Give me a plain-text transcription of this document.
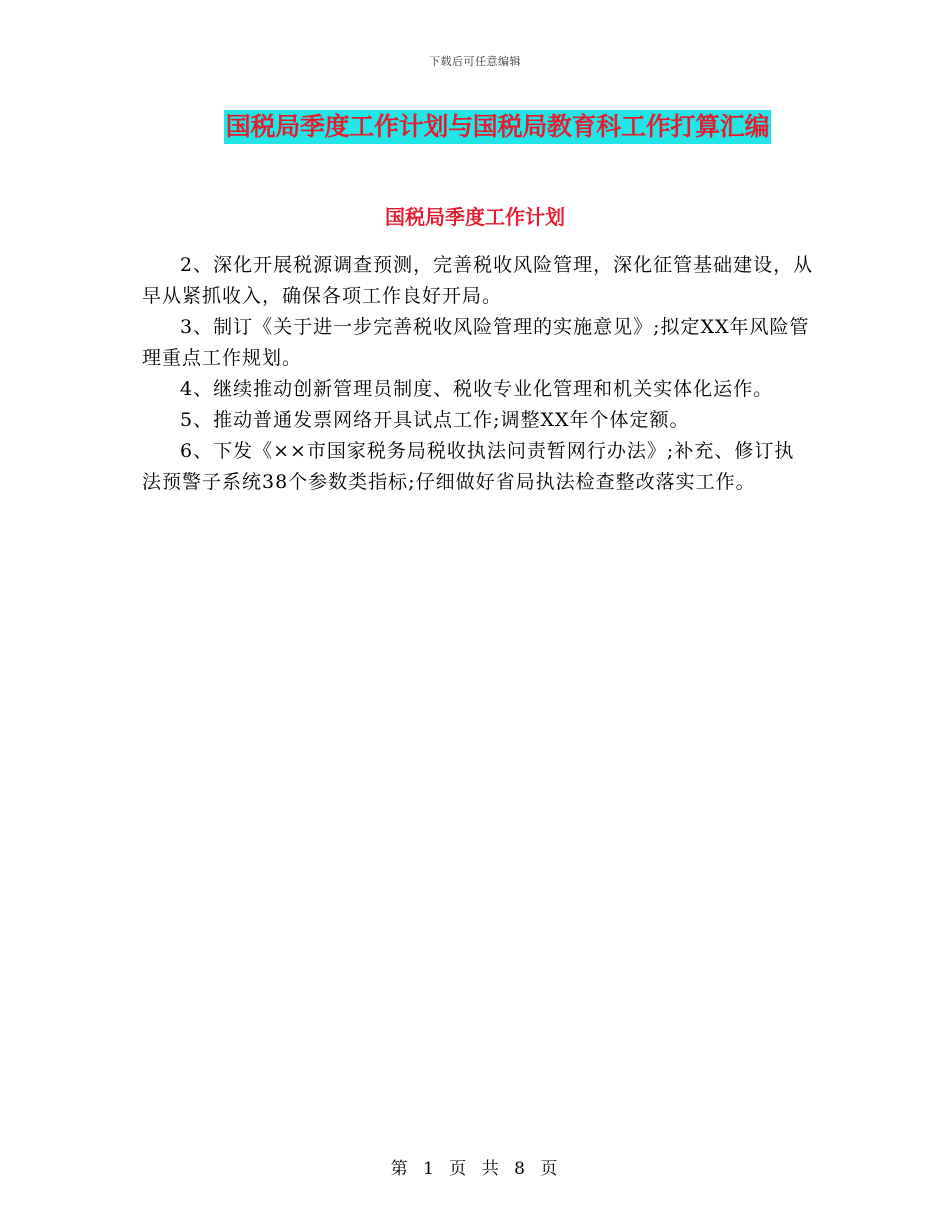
下载后可任意编辑
国税局季度工作计划与国税局教育科工作打算汇编
国税局季度工作计划

2、深化开展税源调查预测，完善税收风险管理，深化征管基础建设，从早从紧抓收入，确保各项工作良好开局。

3、制订《关于进一步完善税收风险管理的实施意见》;拟定XX年风险管理重点工作规划。

4、继续推动创新管理员制度、税收专业化管理和机关实体化运作。

5、推动普通发票网络开具试点工作;调整XX年个体定额。

6、下发《××市国家税务局税收执法问责暂网行办法》;补充、修订执法预警子系统38个参数类指标;仔细做好省局执法检查整改落实工作。

第 1 页 共 8 页
